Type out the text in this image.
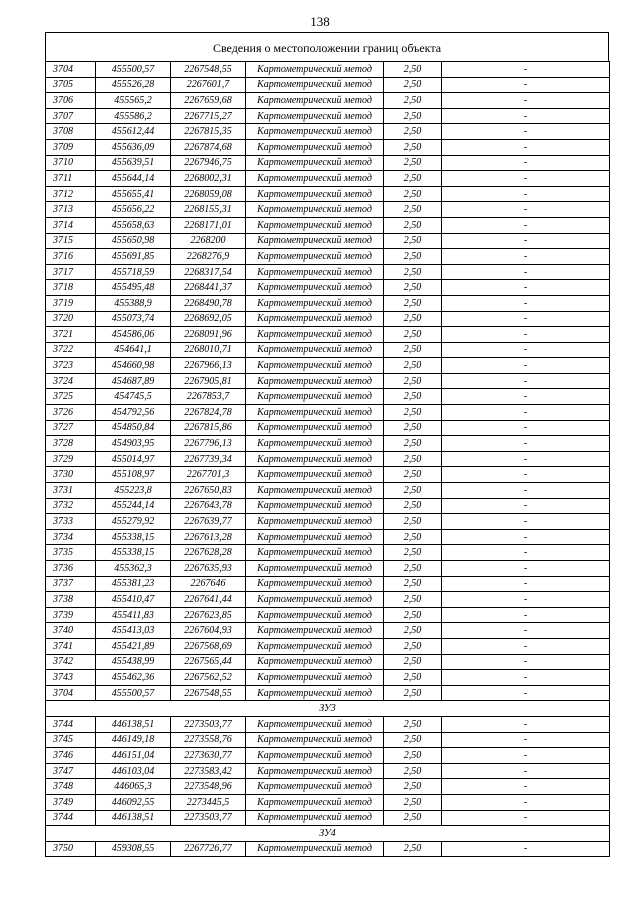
138
Сведения о местоположении границ объекта
3704	455500,57	2267548,55	Картометрический метод	2,50	-
3705	455526,28	2267601,7	Картометрический метод	2,50	-
3706	455565,2	2267659,68	Картометрический метод	2,50	-
3707	455586,2	2267715,27	Картометрический метод	2,50	-
3708	455612,44	2267815,35	Картометрический метод	2,50	-
3709	455636,09	2267874,68	Картометрический метод	2,50	-
3710	455639,51	2267946,75	Картометрический метод	2,50	-
3711	455644,14	2268002,31	Картометрический метод	2,50	-
3712	455655,41	2268059,08	Картометрический метод	2,50	-
3713	455656,22	2268155,31	Картометрический метод	2,50	-
3714	455658,63	2268171,01	Картометрический метод	2,50	-
3715	455650,98	2268200	Картометрический метод	2,50	-
3716	455691,85	2268276,9	Картометрический метод	2,50	-
3717	455718,59	2268317,54	Картометрический метод	2,50	-
3718	455495,48	2268441,37	Картометрический метод	2,50	-
3719	455388,9	2268490,78	Картометрический метод	2,50	-
3720	455073,74	2268692,05	Картометрический метод	2,50	-
3721	454586,06	2268091,96	Картометрический метод	2,50	-
3722	454641,1	2268010,71	Картометрический метод	2,50	-
3723	454660,98	2267966,13	Картометрический метод	2,50	-
3724	454687,89	2267905,81	Картометрический метод	2,50	-
3725	454745,5	2267853,7	Картометрический метод	2,50	-
3726	454792,56	2267824,78	Картометрический метод	2,50	-
3727	454850,84	2267815,86	Картометрический метод	2,50	-
3728	454903,95	2267796,13	Картометрический метод	2,50	-
3729	455014,97	2267739,34	Картометрический метод	2,50	-
3730	455108,97	2267701,3	Картометрический метод	2,50	-
3731	455223,8	2267650,83	Картометрический метод	2,50	-
3732	455244,14	2267643,78	Картометрический метод	2,50	-
3733	455279,92	2267639,77	Картометрический метод	2,50	-
3734	455338,15	2267613,28	Картометрический метод	2,50	-
3735	455338,15	2267628,28	Картометрический метод	2,50	-
3736	455362,3	2267635,93	Картометрический метод	2,50	-
3737	455381,23	2267646	Картометрический метод	2,50	-
3738	455410,47	2267641,44	Картометрический метод	2,50	-
3739	455411,83	2267623,85	Картометрический метод	2,50	-
3740	455413,03	2267604,93	Картометрический метод	2,50	-
3741	455421,89	2267568,69	Картометрический метод	2,50	-
3742	455438,99	2267565,44	Картометрический метод	2,50	-
3743	455462,36	2267562,52	Картометрический метод	2,50	-
3704	455500,57	2267548,55	Картометрический метод	2,50	-
ЗУ3					
3744	446138,51	2273503,77	Картометрический метод	2,50	-
3745	446149,18	2273558,76	Картометрический метод	2,50	-
3746	446151,04	2273630,77	Картометрический метод	2,50	-
3747	446103,04	2273583,42	Картометрический метод	2,50	-
3748	446065,3	2273548,96	Картометрический метод	2,50	-
3749	446092,55	2273445,5	Картометрический метод	2,50	-
3744	446138,51	2273503,77	Картометрический метод	2,50	-
ЗУ4					
3750	459308,55	2267726,77	Картометрический метод	2,50	-
